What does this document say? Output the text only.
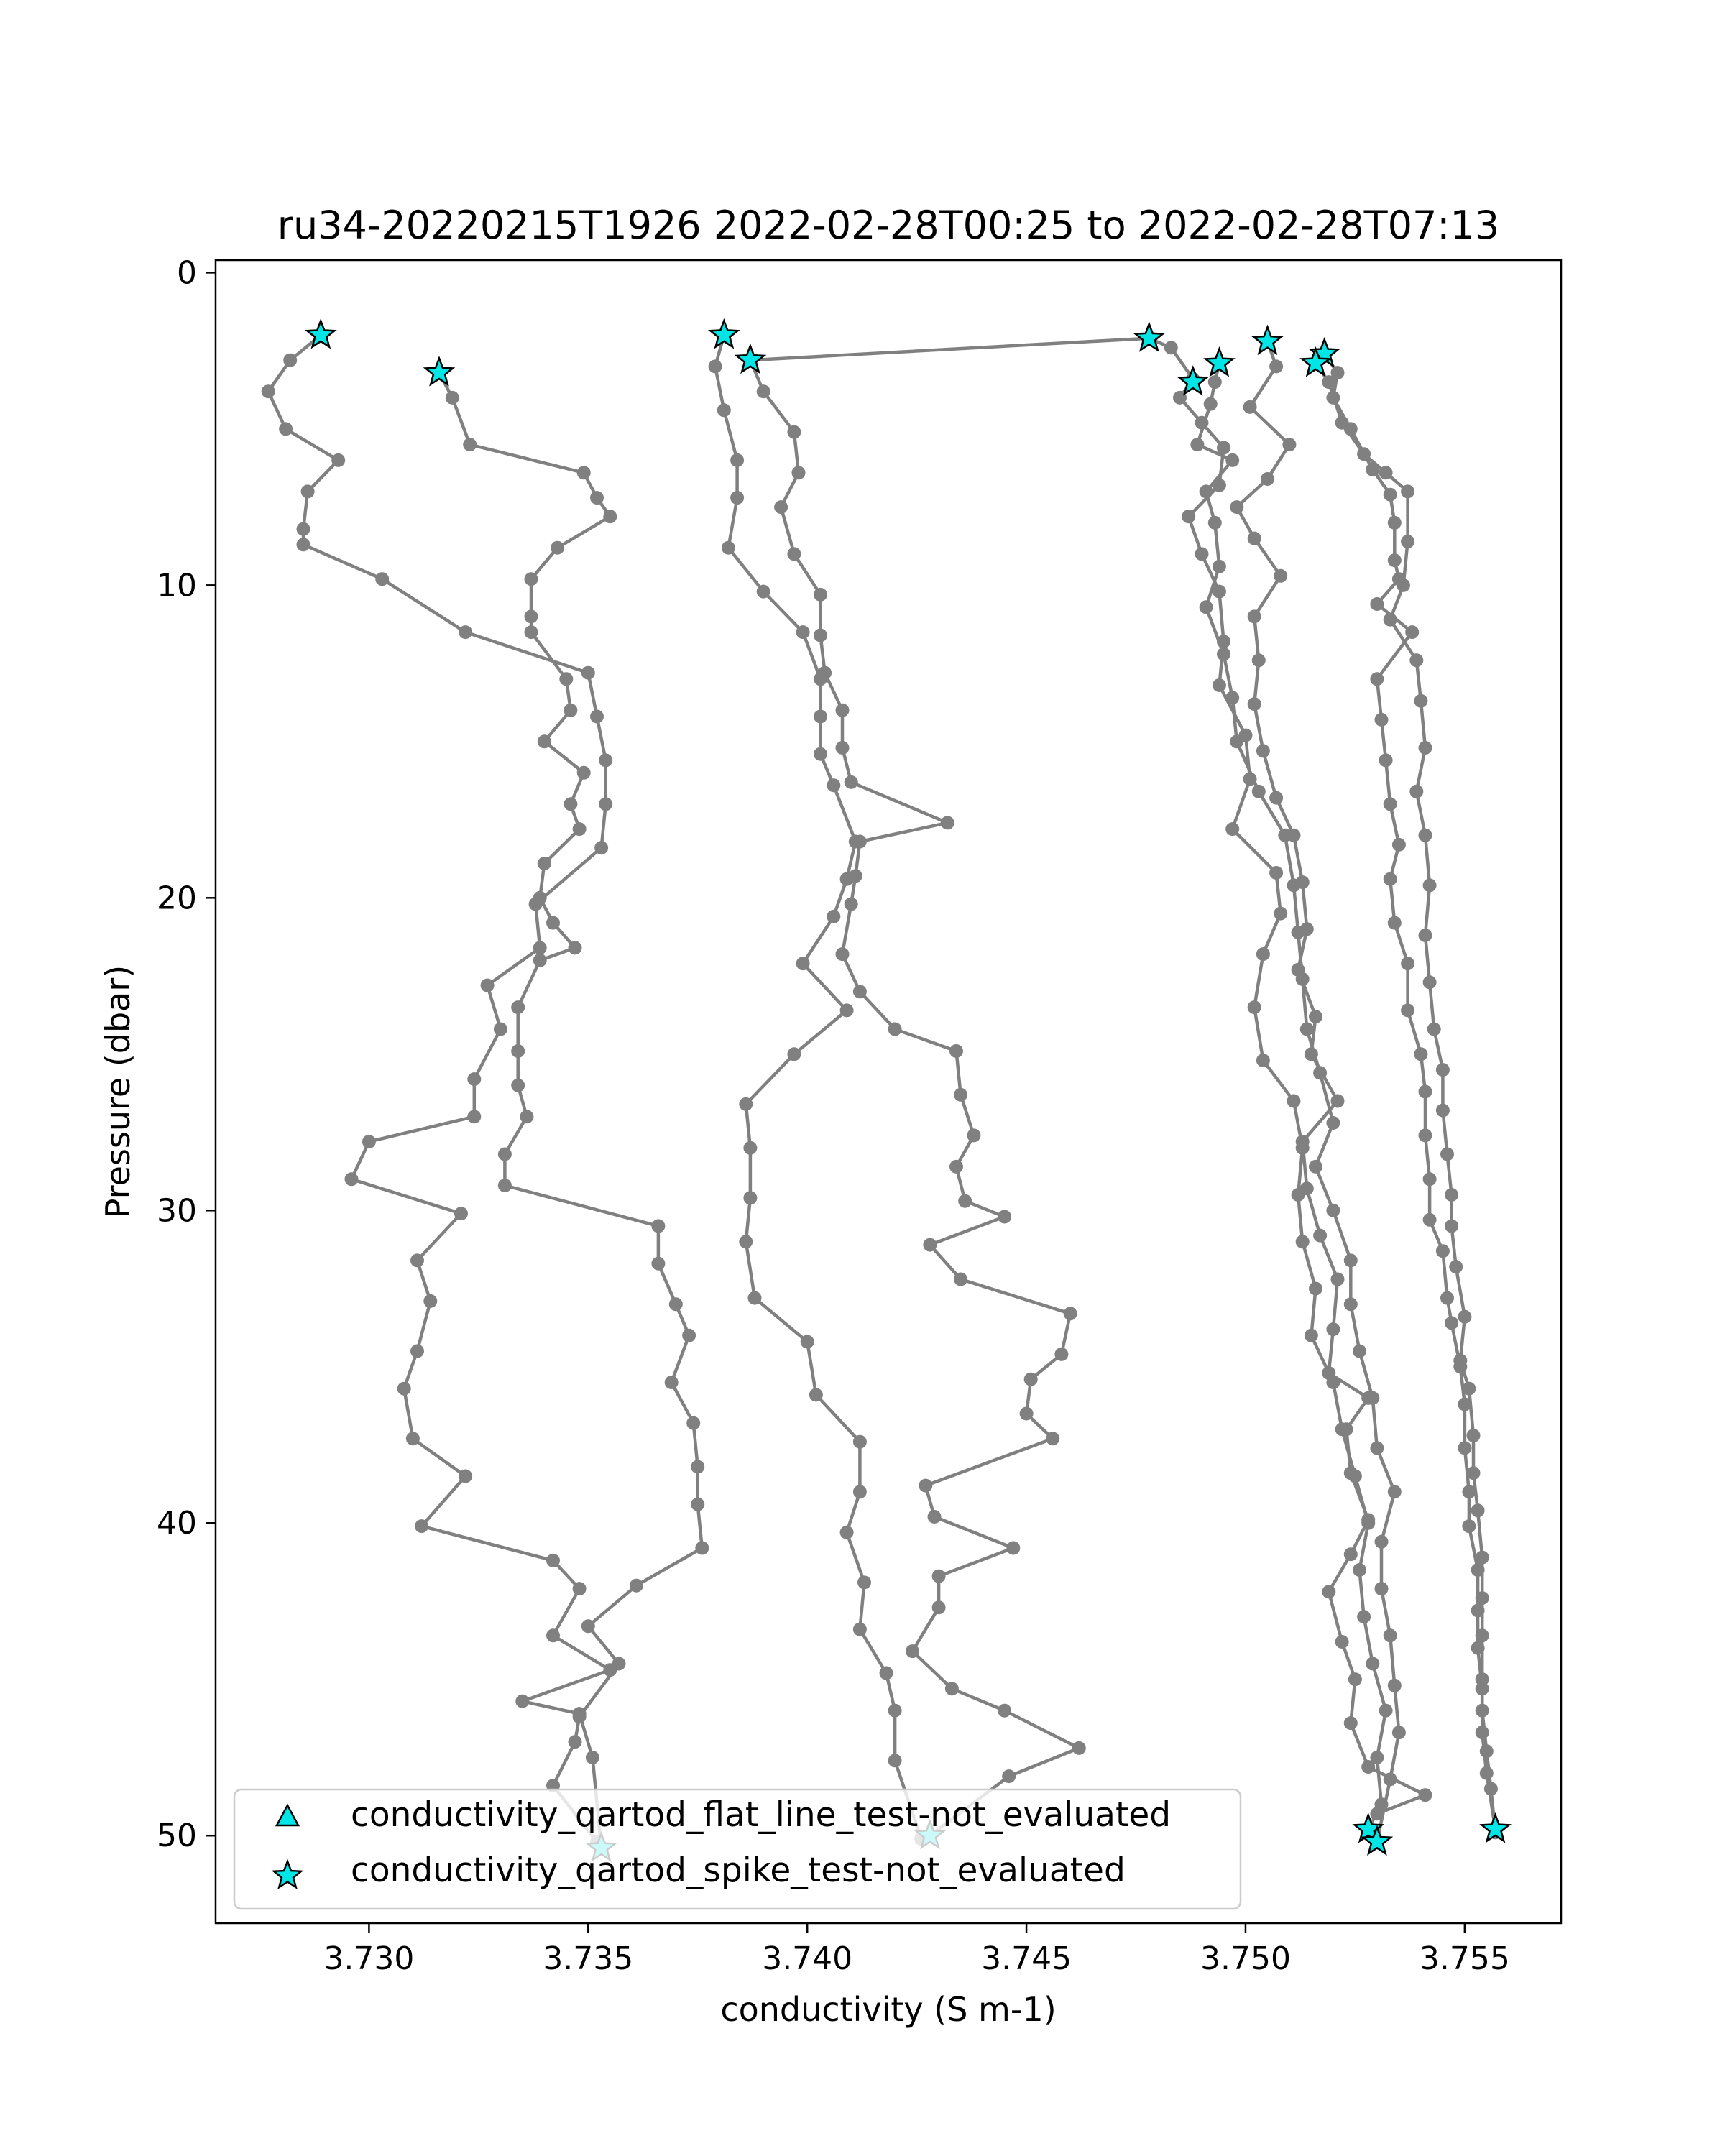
ru34-20220215T1926 2022-02-28T00:25 to 2022-02-28T07:13
3.730	3.735	3.740	3.745	3.750	3.755
0
10
20
30
40
50
conductivity (S m-1)
Pressure (dbar)
conductivity_qartod_flat_line_test-not_evaluated
conductivity_qartod_spike_test-not_evaluated
